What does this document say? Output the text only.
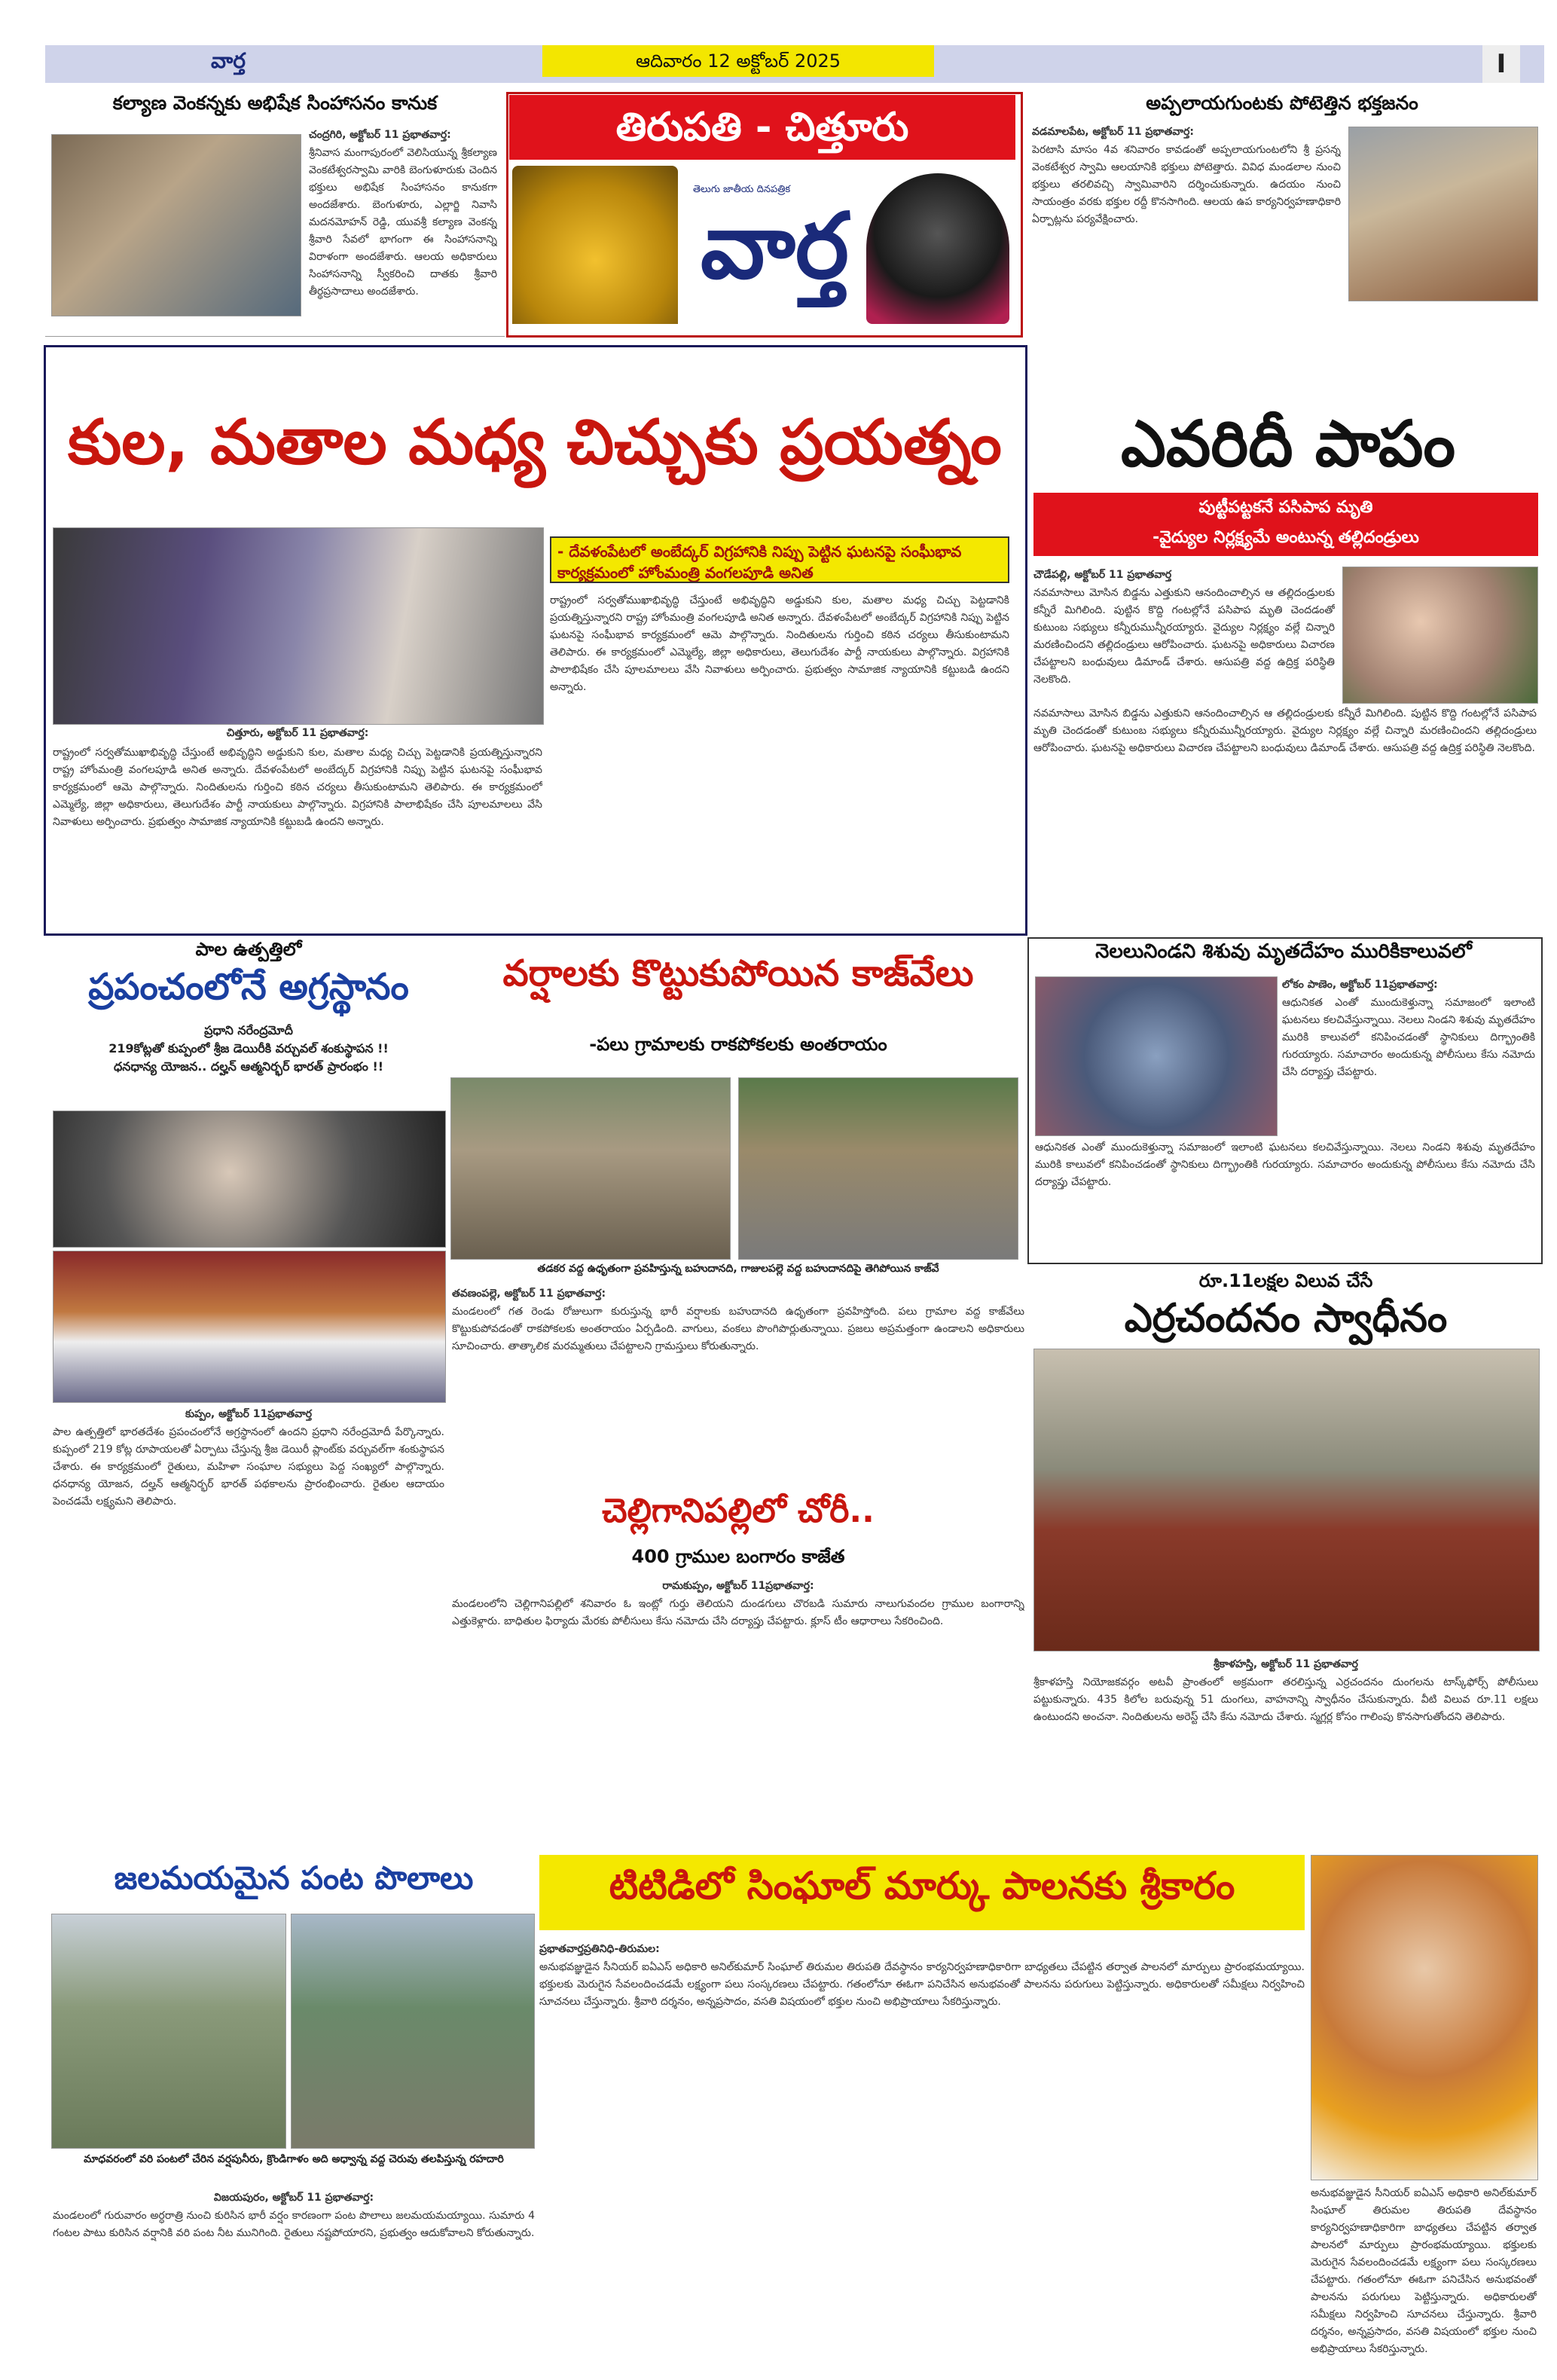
వార్త	ఆదివారం 12 అక్టోబర్ 2025	I
కల్యాణ వెంకన్నకు అభిషేక సింహాసనం కానుక
చంద్రగిరి, అక్టోబర్ 11 ప్రభాతవార్త:
శ్రీనివాస మంగాపురంలో వెలిసియున్న శ్రీకల్యాణ వెంకటేశ్వరస్వామి వారికి బెంగుళూరుకు చెందిన భక్తులు అభిషేక సింహాసనం కానుకగా అందజేశారు. బెంగుళూరు, ఎల్లార్జి నివాసి మదనమోహన్ రెడ్డి, యువశ్రీ కల్యాణ వెంకన్న శ్రీవారి సేవలో భాగంగా ఈ సింహాసనాన్ని విరాళంగా అందజేశారు. ఆలయ అధికారులు సింహాసనాన్ని స్వీకరించి దాతకు శ్రీవారి తీర్థప్రసాదాలు అందజేశారు.
తిరుపతి - చిత్తూరు
తెలుగు జాతీయ దినపత్రిక
వార్త
అప్పలాయగుంటకు పోటెత్తిన భక్తజనం
వడమాలపేట, అక్టోబర్ 11 ప్రభాతవార్త:
పెరటాసి మాసం 4వ శనివారం కావడంతో అప్పలాయగుంటలోని శ్రీ ప్రసన్న వెంకటేశ్వర స్వామి ఆలయానికి భక్తులు పోటెత్తారు. వివిధ మండలాల నుంచి భక్తులు తరలివచ్చి స్వామివారిని దర్శించుకున్నారు. ఉదయం నుంచి సాయంత్రం వరకు భక్తుల రద్దీ కొనసాగింది. ఆలయ ఉప కార్యనిర్వహణాధికారి ఏర్పాట్లను పర్యవేక్షించారు.
కుల, మతాల మధ్య చిచ్చుకు ప్రయత్నం
- దేవళంపేటలో అంబేద్కర్ విగ్రహానికి నిప్పు పెట్టిన ఘటనపై సంఘీభావ కార్యక్రమంలో హోంమంత్రి వంగలపూడి అనిత
రాష్ట్రంలో సర్వతోముఖాభివృద్ధి చేస్తుంటే అభివృద్ధిని అడ్డుకుని కుల, మతాల మధ్య చిచ్చు పెట్టడానికి ప్రయత్నిస్తున్నారని రాష్ట్ర హోంమంత్రి వంగలపూడి అనిత అన్నారు. దేవళంపేటలో అంబేద్కర్ విగ్రహానికి నిప్పు పెట్టిన ఘటనపై సంఘీభావ కార్యక్రమంలో ఆమె పాల్గొన్నారు. నిందితులను గుర్తించి కఠిన చర్యలు తీసుకుంటామని తెలిపారు. ఈ కార్యక్రమంలో ఎమ్మెల్యే, జిల్లా అధికారులు, తెలుగుదేశం పార్టీ నాయకులు పాల్గొన్నారు. విగ్రహానికి పాలాభిషేకం చేసి పూలమాలలు వేసి నివాళులు అర్పించారు. ప్రభుత్వం సామాజిక న్యాయానికి కట్టుబడి ఉందని అన్నారు.
చిత్తూరు, అక్టోబర్ 11 ప్రభాతవార్త:
రాష్ట్రంలో సర్వతోముఖాభివృద్ధి చేస్తుంటే అభివృద్ధిని అడ్డుకుని కుల, మతాల మధ్య చిచ్చు పెట్టడానికి ప్రయత్నిస్తున్నారని రాష్ట్ర హోంమంత్రి వంగలపూడి అనిత అన్నారు. దేవళంపేటలో అంబేద్కర్ విగ్రహానికి నిప్పు పెట్టిన ఘటనపై సంఘీభావ కార్యక్రమంలో ఆమె పాల్గొన్నారు. నిందితులను గుర్తించి కఠిన చర్యలు తీసుకుంటామని తెలిపారు. ఈ కార్యక్రమంలో ఎమ్మెల్యే, జిల్లా అధికారులు, తెలుగుదేశం పార్టీ నాయకులు పాల్గొన్నారు. విగ్రహానికి పాలాభిషేకం చేసి పూలమాలలు వేసి నివాళులు అర్పించారు. ప్రభుత్వం సామాజిక న్యాయానికి కట్టుబడి ఉందని అన్నారు.
ఎవరిదీ పాపం
పుట్టీపట్టకనే పసిపాప మృతి
-వైద్యుల నిర్లక్ష్యమే అంటున్న తల్లిదండ్రులు
చౌడేపల్లి, అక్టోబర్ 11 ప్రభాతవార్త
నవమాసాలు మోసిన బిడ్డను ఎత్తుకుని ఆనందించాల్సిన ఆ తల్లిదండ్రులకు కన్నీరే మిగిలింది. పుట్టిన కొద్ది గంటల్లోనే పసిపాప మృతి చెందడంతో కుటుంబ సభ్యులు కన్నీరుమున్నీరయ్యారు. వైద్యుల నిర్లక్ష్యం వల్లే చిన్నారి మరణించిందని తల్లిదండ్రులు ఆరోపించారు. ఘటనపై అధికారులు విచారణ చేపట్టాలని బంధువులు డిమాండ్ చేశారు. ఆసుపత్రి వద్ద ఉద్రిక్త పరిస్థితి నెలకొంది.
నవమాసాలు మోసిన బిడ్డను ఎత్తుకుని ఆనందించాల్సిన ఆ తల్లిదండ్రులకు కన్నీరే మిగిలింది. పుట్టిన కొద్ది గంటల్లోనే పసిపాప మృతి చెందడంతో కుటుంబ సభ్యులు కన్నీరుమున్నీరయ్యారు. వైద్యుల నిర్లక్ష్యం వల్లే చిన్నారి మరణించిందని తల్లిదండ్రులు ఆరోపించారు. ఘటనపై అధికారులు విచారణ చేపట్టాలని బంధువులు డిమాండ్ చేశారు. ఆసుపత్రి వద్ద ఉద్రిక్త పరిస్థితి నెలకొంది.
పాల ఉత్పత్తిలో
ప్రపంచంలోనే అగ్రస్థానం
ప్రధాని నరేంద్రమోదీ
219కోట్లతో కుప్పంలో శ్రీజ డెయిరీకి వర్చువల్ శంకుస్థాపన !!
ధనధాన్య యోజన.. దల్హన్ ఆత్మనిర్భర్ భారత్ ప్రారంభం !!
కుప్పం, అక్టోబర్ 11ప్రభాతవార్త
పాల ఉత్పత్తిలో భారతదేశం ప్రపంచంలోనే అగ్రస్థానంలో ఉందని ప్రధాని నరేంద్రమోదీ పేర్కొన్నారు. కుప్పంలో 219 కోట్ల రూపాయలతో ఏర్పాటు చేస్తున్న శ్రీజ డెయిరీ ప్లాంట్‌కు వర్చువల్‌గా శంకుస్థాపన చేశారు. ఈ కార్యక్రమంలో రైతులు, మహిళా సంఘాల సభ్యులు పెద్ద సంఖ్యలో పాల్గొన్నారు. ధనధాన్య యోజన, దల్హన్ ఆత్మనిర్భర్ భారత్ పథకాలను ప్రారంభించారు. రైతుల ఆదాయం పెంచడమే లక్ష్యమని తెలిపారు.
వర్షాలకు కొట్టుకుపోయిన కాజ్‌వేలు
-పలు గ్రామాలకు రాకపోకలకు అంతరాయం
తడకర వద్ద ఉధృతంగా ప్రవహిస్తున్న బహుదానది, గాజులపల్లె వద్ద బహుదానదిపై తెగిపోయిన కాజ్‌వే
తవణంపల్లె, అక్టోబర్ 11 ప్రభాతవార్త:
మండలంలో గత రెండు రోజులుగా కురుస్తున్న భారీ వర్షాలకు బహుదానది ఉధృతంగా ప్రవహిస్తోంది. పలు గ్రామాల వద్ద కాజ్‌వేలు కొట్టుకుపోవడంతో రాకపోకలకు అంతరాయం ఏర్పడింది. వాగులు, వంకలు పొంగిపొర్లుతున్నాయి. ప్రజలు అప్రమత్తంగా ఉండాలని అధికారులు సూచించారు. తాత్కాలిక మరమ్మతులు చేపట్టాలని గ్రామస్తులు కోరుతున్నారు.
చెల్లిగానిపల్లిలో చోరీ..
400 గ్రాముల బంగారం కాజేత
రామకుప్పం, అక్టోబర్ 11ప్రభాతవార్త:
మండలంలోని చెల్లిగానిపల్లిలో శనివారం ఓ ఇంట్లో గుర్తు తెలియని దుండగులు చొరబడి సుమారు నాలుగువందల గ్రాముల బంగారాన్ని ఎత్తుకెళ్లారు. బాధితుల ఫిర్యాదు మేరకు పోలీసులు కేసు నమోదు చేసి దర్యాప్తు చేపట్టారు. క్లూస్ టీం ఆధారాలు సేకరించింది.
నెలలునిండని శిశువు మృతదేహం మురికికాలువలో
లోకం పాణెం, అక్టోబర్ 11ప్రభాతవార్త:
ఆధునికత ఎంతో ముందుకెళ్తున్నా సమాజంలో ఇలాంటి ఘటనలు కలచివేస్తున్నాయి. నెలలు నిండని శిశువు మృతదేహం మురికి కాలువలో కనిపించడంతో స్థానికులు దిగ్భ్రాంతికి గురయ్యారు. సమాచారం అందుకున్న పోలీసులు కేసు నమోదు చేసి దర్యాప్తు చేపట్టారు.
ఆధునికత ఎంతో ముందుకెళ్తున్నా సమాజంలో ఇలాంటి ఘటనలు కలచివేస్తున్నాయి. నెలలు నిండని శిశువు మృతదేహం మురికి కాలువలో కనిపించడంతో స్థానికులు దిగ్భ్రాంతికి గురయ్యారు. సమాచారం అందుకున్న పోలీసులు కేసు నమోదు చేసి దర్యాప్తు చేపట్టారు.
రూ.11లక్షల విలువ చేసే
ఎర్రచందనం స్వాధీనం
శ్రీకాళహస్తి, అక్టోబర్ 11 ప్రభాతవార్త
శ్రీకాళహస్తి నియోజకవర్గం అటవీ ప్రాంతంలో అక్రమంగా తరలిస్తున్న ఎర్రచందనం దుంగలను టాస్క్‌ఫోర్స్ పోలీసులు పట్టుకున్నారు. 435 కిలోల బరువున్న 51 దుంగలు, వాహనాన్ని స్వాధీనం చేసుకున్నారు. వీటి విలువ రూ.11 లక్షలు ఉంటుందని అంచనా. నిందితులను అరెస్ట్ చేసి కేసు నమోదు చేశారు. స్మగ్లర్ల కోసం గాలింపు కొనసాగుతోందని తెలిపారు.
జలమయమైన పంట పొలాలు
మాధవరంలో వరి పంటలో చేరిన వర్షపునీరు, క్రొండిగాళం అది అధ్వాన్న వద్ద చెరువు తలపిస్తున్న రహదారి
విజయపురం, అక్టోబర్ 11 ప్రభాతవార్త:
మండలంలో గురువారం అర్ధరాత్రి నుంచి కురిసిన భారీ వర్షం కారణంగా పంట పొలాలు జలమయమయ్యాయి. సుమారు 4 గంటల పాటు కురిసిన వర్షానికి వరి పంట నీట మునిగింది. రైతులు నష్టపోయారని, ప్రభుత్వం ఆదుకోవాలని కోరుతున్నారు.
టిటిడిలో సింఘాల్ మార్కు పాలనకు శ్రీకారం
ప్రభాతవార్తప్రతినిధి-తిరుమల:
అనుభవజ్ఞుడైన సీనియర్ ఐఏఎస్ అధికారి అనిల్‌కుమార్ సింఘాల్ తిరుమల తిరుపతి దేవస్థానం కార్యనిర్వహణాధికారిగా బాధ్యతలు చేపట్టిన తర్వాత పాలనలో మార్పులు ప్రారంభమయ్యాయి. భక్తులకు మెరుగైన సేవలందించడమే లక్ష్యంగా పలు సంస్కరణలు చేపట్టారు. గతంలోనూ ఈఓగా పనిచేసిన అనుభవంతో పాలనను పరుగులు పెట్టిస్తున్నారు. అధికారులతో సమీక్షలు నిర్వహించి సూచనలు చేస్తున్నారు. శ్రీవారి దర్శనం, అన్నప్రసాదం, వసతి విషయంలో భక్తుల నుంచి అభిప్రాయాలు సేకరిస్తున్నారు.
అనుభవజ్ఞుడైన సీనియర్ ఐఏఎస్ అధికారి అనిల్‌కుమార్ సింఘాల్ తిరుమల తిరుపతి దేవస్థానం కార్యనిర్వహణాధికారిగా బాధ్యతలు చేపట్టిన తర్వాత పాలనలో మార్పులు ప్రారంభమయ్యాయి. భక్తులకు మెరుగైన సేవలందించడమే లక్ష్యంగా పలు సంస్కరణలు చేపట్టారు. గతంలోనూ ఈఓగా పనిచేసిన అనుభవంతో పాలనను పరుగులు పెట్టిస్తున్నారు. అధికారులతో సమీక్షలు నిర్వహించి సూచనలు చేస్తున్నారు. శ్రీవారి దర్శనం, అన్నప్రసాదం, వసతి విషయంలో భక్తుల నుంచి అభిప్రాయాలు సేకరిస్తున్నారు.
